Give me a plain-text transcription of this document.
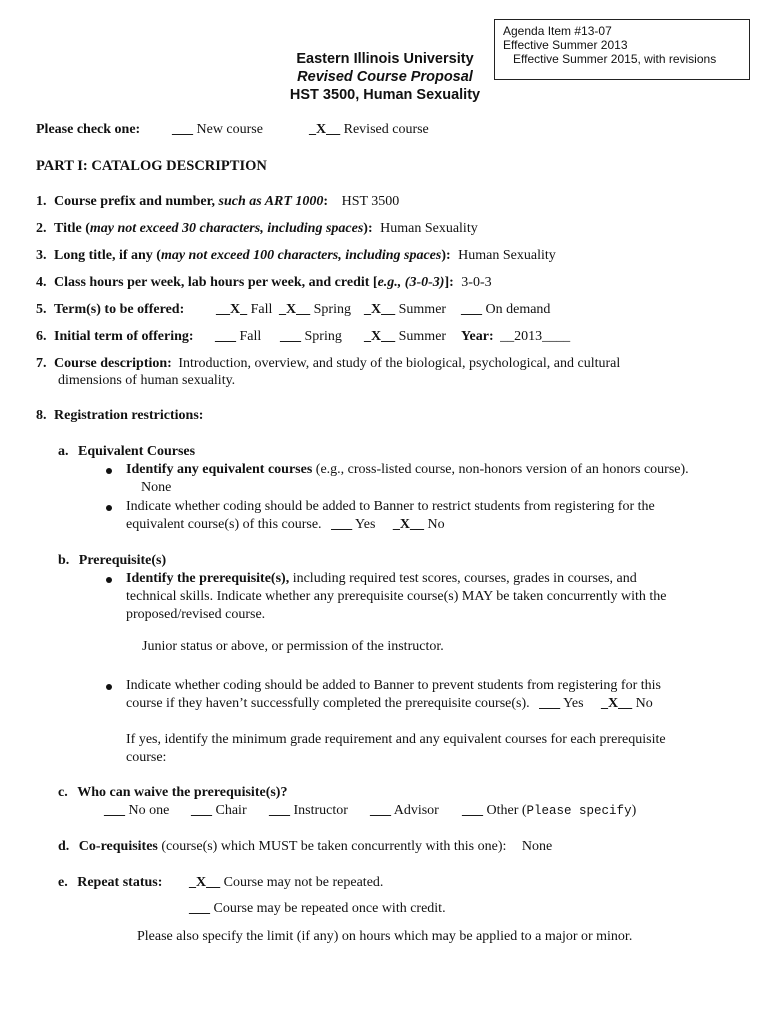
Agenda Item #13-07
Effective Summer 2013
Effective Summer 2015, with revisions
Eastern Illinois University
Revised Course Proposal
HST 3500, Human Sexuality
Please check one: ___ New course	_X__ Revised course
PART I: CATALOG DESCRIPTION
1. Course prefix and number, such as ART 1000: HST 3500
2. Title (may not exceed 30 characters, including spaces): Human Sexuality
3. Long title, if any (may not exceed 100 characters, including spaces): Human Sexuality
4. Class hours per week, lab hours per week, and credit [e.g., (3-0-3)]: 3-0-3
5. Term(s) to be offered: __X_ Fall _X__ Spring _X__ Summer ___ On demand
6. Initial term of offering: ___ Fall ___ Spring _X__ Summer Year: __2013____
7. Course description: Introduction, overview, and study of the biological, psychological, and cultural
dimensions of human sexuality.
8. Registration restrictions:
a. Equivalent Courses
Identify any equivalent courses (e.g., cross-listed course, non-honors version of an honors course).
None
Indicate whether coding should be added to Banner to restrict students from registering for the
equivalent course(s) of this course. ___ Yes _X__ No
b. Prerequisite(s)
Identify the prerequisite(s), including required test scores, courses, grades in courses, and
technical skills. Indicate whether any prerequisite course(s) MAY be taken concurrently with the
proposed/revised course.
Junior status or above, or permission of the instructor.
Indicate whether coding should be added to Banner to prevent students from registering for this
course if they haven’t successfully completed the prerequisite course(s). ___ Yes _X__ No
If yes, identify the minimum grade requirement and any equivalent courses for each prerequisite
course:
c. Who can waive the prerequisite(s)?
___ No one ___ Chair ___ Instructor ___ Advisor ___ Other (Please specify)
d. Co-requisites (course(s) which MUST be taken concurrently with this one): None
e. Repeat status: _X__ Course may not be repeated.
___ Course may be repeated once with credit.
Please also specify the limit (if any) on hours which may be applied to a major or minor.
